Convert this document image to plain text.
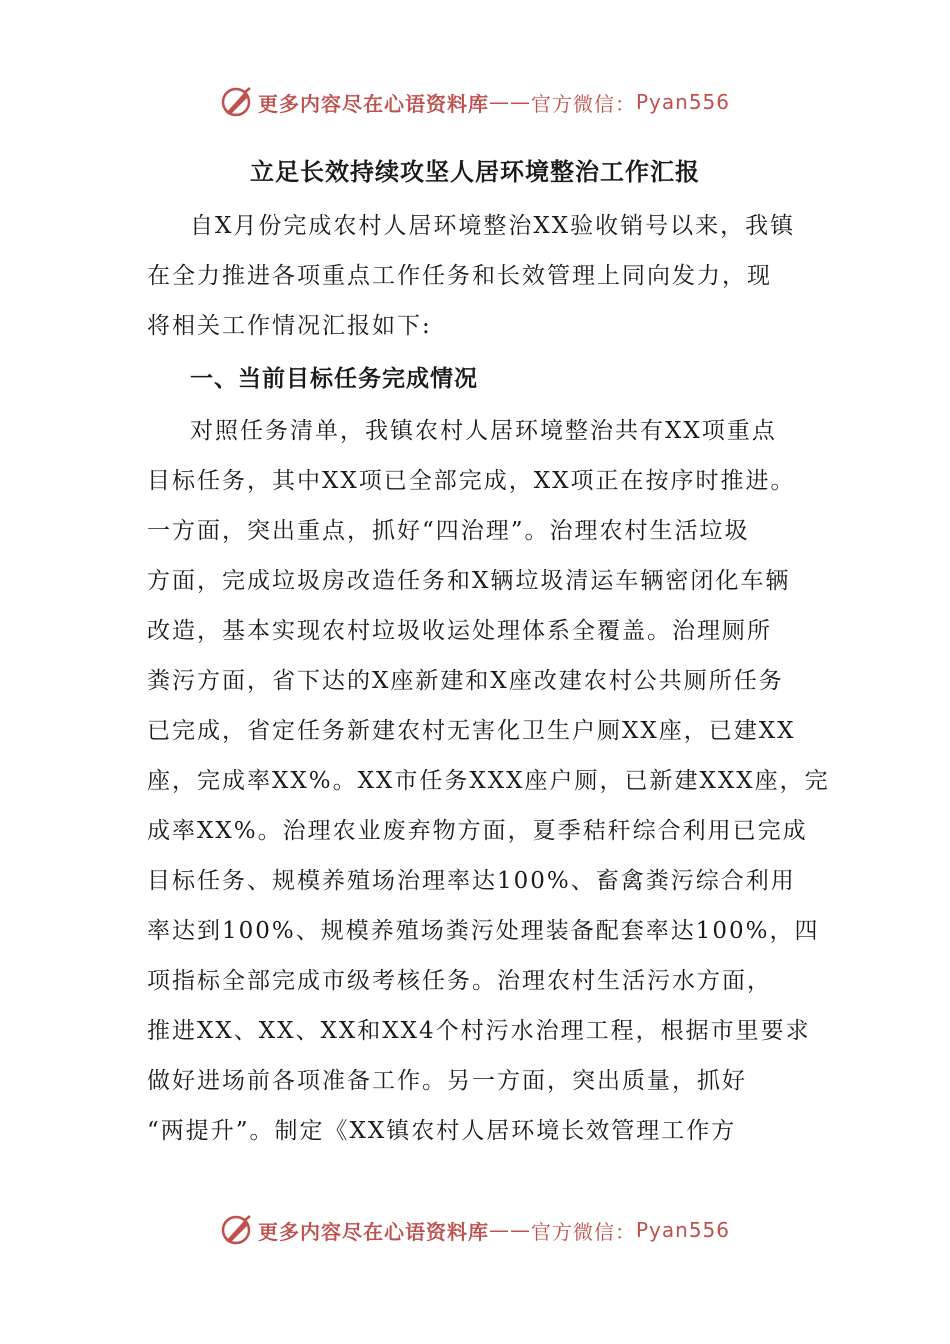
更多内容尽在心语资料库 —— 官方微信： Pyan556
立足长效持续攻坚人居环境整治工作汇报
自X月份完成农村人居环境整治XX验收销号以来，我镇
在全力推进各项重点工作任务和长效管理上同向发力，现
将相关工作情况汇报如下:
一、当前目标任务完成情况
对照任务清单，我镇农村人居环境整治共有XX项重点
目标任务，其中XX项已全部完成，XX项正在按序时推进。
一方面，突出重点，抓好“四治理”。治理农村生活垃圾
方面，完成垃圾房改造任务和X辆垃圾清运车辆密闭化车辆
改造，基本实现农村垃圾收运处理体系全覆盖。治理厕所
粪污方面，省下达的X座新建和X座改建农村公共厕所任务
已完成，省定任务新建农村无害化卫生户厕XX座，已建XX
座，完成率XX%。XX市任务XXX座户厕，已新建XXX座，完
成率XX%。治理农业废弃物方面，夏季秸秆综合利用已完成
目标任务、规模养殖场治理率达100%、畜禽粪污综合利用
率达到100%、规模养殖场粪污处理装备配套率达100%，四
项指标全部完成市级考核任务。治理农村生活污水方面，
推进XX、XX、XX和XX4个村污水治理工程，根据市里要求
做好进场前各项准备工作。另一方面，突出质量，抓好
“两提升”。制定《XX镇农村人居环境长效管理工作方
更多内容尽在心语资料库 —— 官方微信： Pyan556
